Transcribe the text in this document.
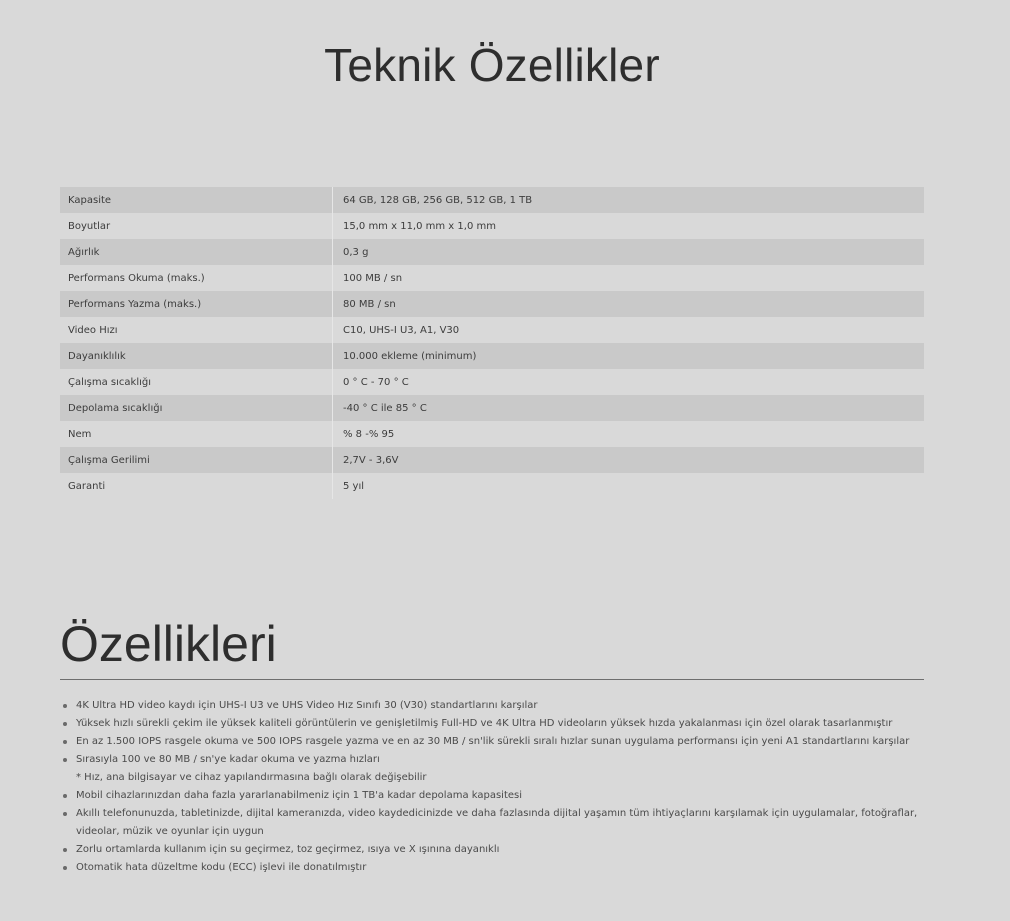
Teknik Özellikler
Kapasite	64 GB, 128 GB, 256 GB, 512 GB, 1 TB
Boyutlar	15,0 mm x 11,0 mm x 1,0 mm
Ağırlık	0,3 g
Performans Okuma (maks.)	100 MB / sn
Performans Yazma (maks.)	80 MB / sn
Video Hızı	C10, UHS-I U3, A1, V30
Dayanıklılık	10.000 ekleme (minimum)
Çalışma sıcaklığı	0 ° C - 70 ° C
Depolama sıcaklığı	-40 ° C ile 85 ° C
Nem	% 8 -% 95
Çalışma Gerilimi	2,7V - 3,6V
Garanti	5 yıl
Özellikleri
4K Ultra HD video kaydı için UHS-I U3 ve UHS Video Hız Sınıfı 30 (V30) standartlarını karşılar
Yüksek hızlı sürekli çekim ile yüksek kaliteli görüntülerin ve genişletilmiş Full-HD ve 4K Ultra HD videoların yüksek hızda yakalanması için özel olarak tasarlanmıştır
En az 1.500 IOPS rasgele okuma ve 500 IOPS rasgele yazma ve en az 30 MB / sn'lik sürekli sıralı hızlar sunan uygulama performansı için yeni A1 standartlarını karşılar
Sırasıyla 100 ve 80 MB / sn'ye kadar okuma ve yazma hızları
* Hız, ana bilgisayar ve cihaz yapılandırmasına bağlı olarak değişebilir
Mobil cihazlarınızdan daha fazla yararlanabilmeniz için 1 TB'a kadar depolama kapasitesi
Akıllı telefonunuzda, tabletinizde, dijital kameranızda, video kaydedicinizde ve daha fazlasında dijital yaşamın tüm ihtiyaçlarını karşılamak için uygulamalar, fotoğraflar, videolar, müzik ve oyunlar için uygun
Zorlu ortamlarda kullanım için su geçirmez, toz geçirmez, ısıya ve X ışınına dayanıklı
Otomatik hata düzeltme kodu (ECC) işlevi ile donatılmıştır
